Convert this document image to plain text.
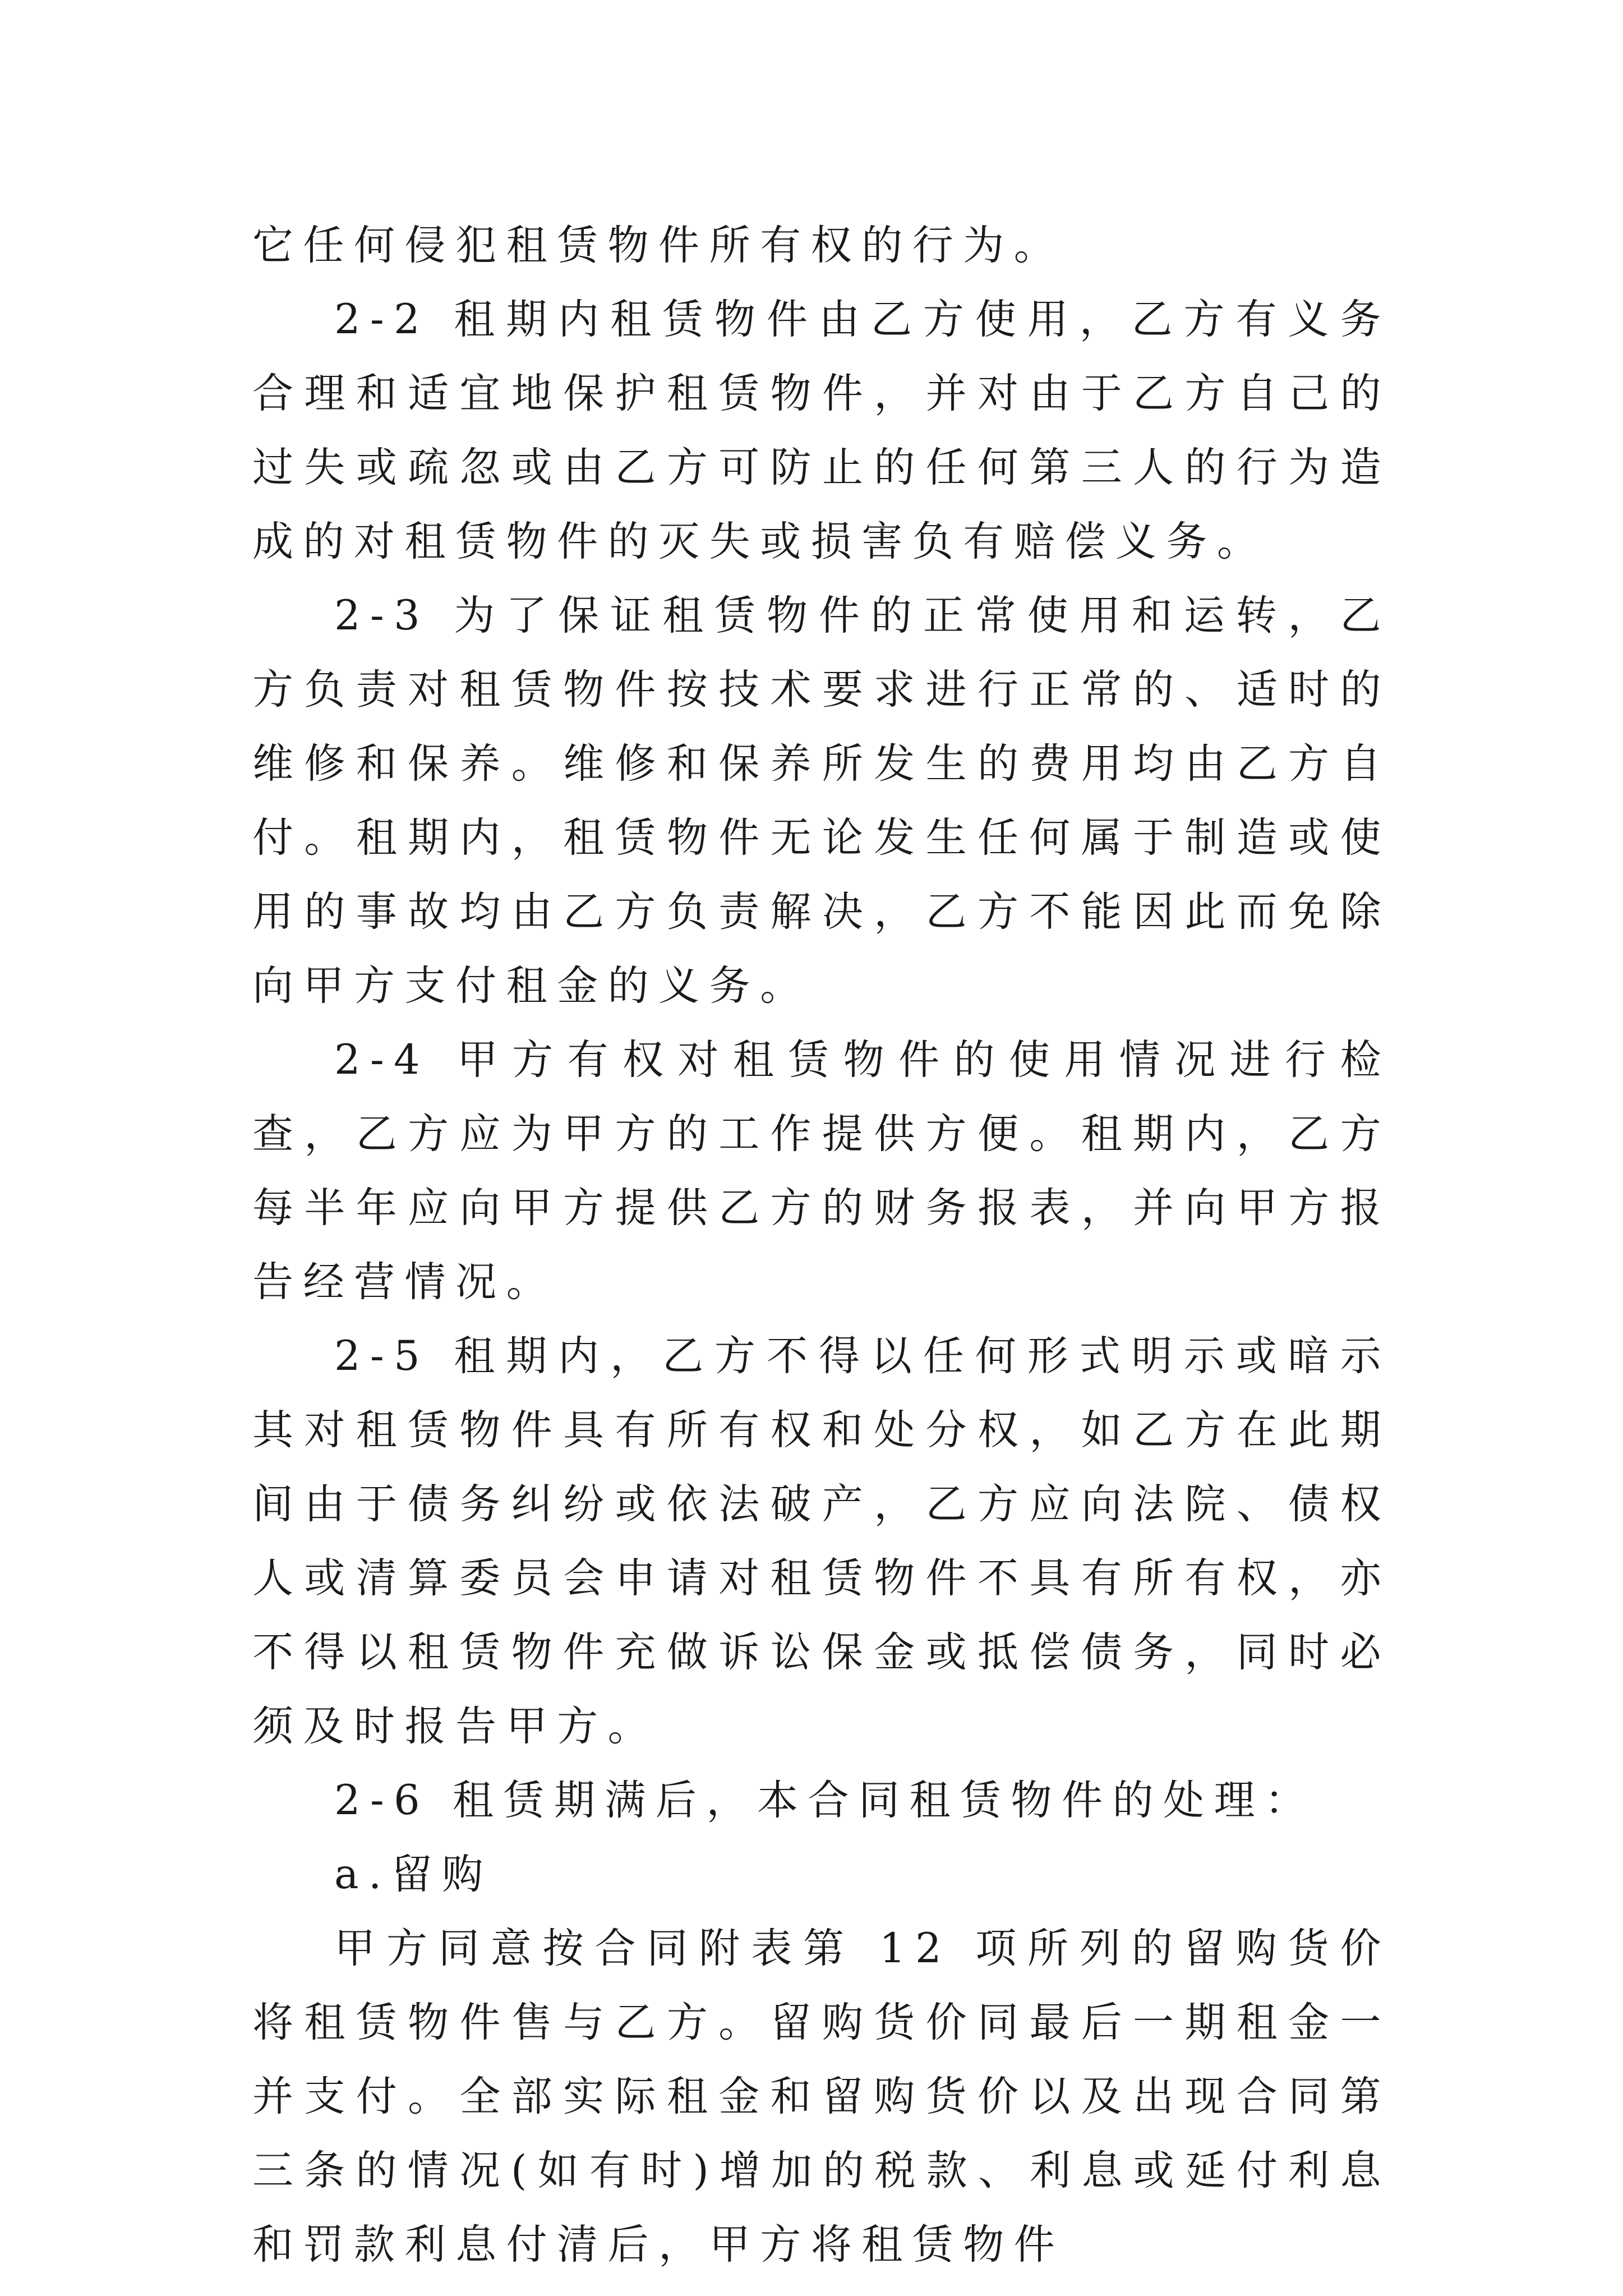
它任何侵犯租赁物件所有权的行为。

2-2 租期内租赁物件由乙方使用，乙方有义务合理和适宜地保护租赁物件，并对由于乙方自己的过失或疏忽或由乙方可防止的任何第三人的行为造成的对租赁物件的灭失或损害负有赔偿义务。

2-3 为了保证租赁物件的正常使用和运转，乙方负责对租赁物件按技术要求进行正常的、适时的维修和保养。维修和保养所发生的费用均由乙方自付。租期内，租赁物件无论发生任何属于制造或使用的事故均由乙方负责解决，乙方不能因此而免除向甲方支付租金的义务。

2-4 甲方有权对租赁物件的使用情况进行检查，乙方应为甲方的工作提供方便。租期内，乙方每半年应向甲方提供乙方的财务报表，并向甲方报告经营情况。

2-5 租期内，乙方不得以任何形式明示或暗示其对租赁物件具有所有权和处分权，如乙方在此期间由于债务纠纷或依法破产，乙方应向法院、债权人或清算委员会申请对租赁物件不具有所有权，亦不得以租赁物件充做诉讼保金或抵偿债务，同时必须及时报告甲方。

2-6 租赁期满后，本合同租赁物件的处理：

a.留购

甲方同意按合同附表第 12 项所列的留购货价将租赁物件售与乙方。留购货价同最后一期租金一并支付。全部实际租金和留购货价以及出现合同第三条的情况(如有时)增加的税款、利息或延付利息和罚款利息付清后，甲方将租赁物件
